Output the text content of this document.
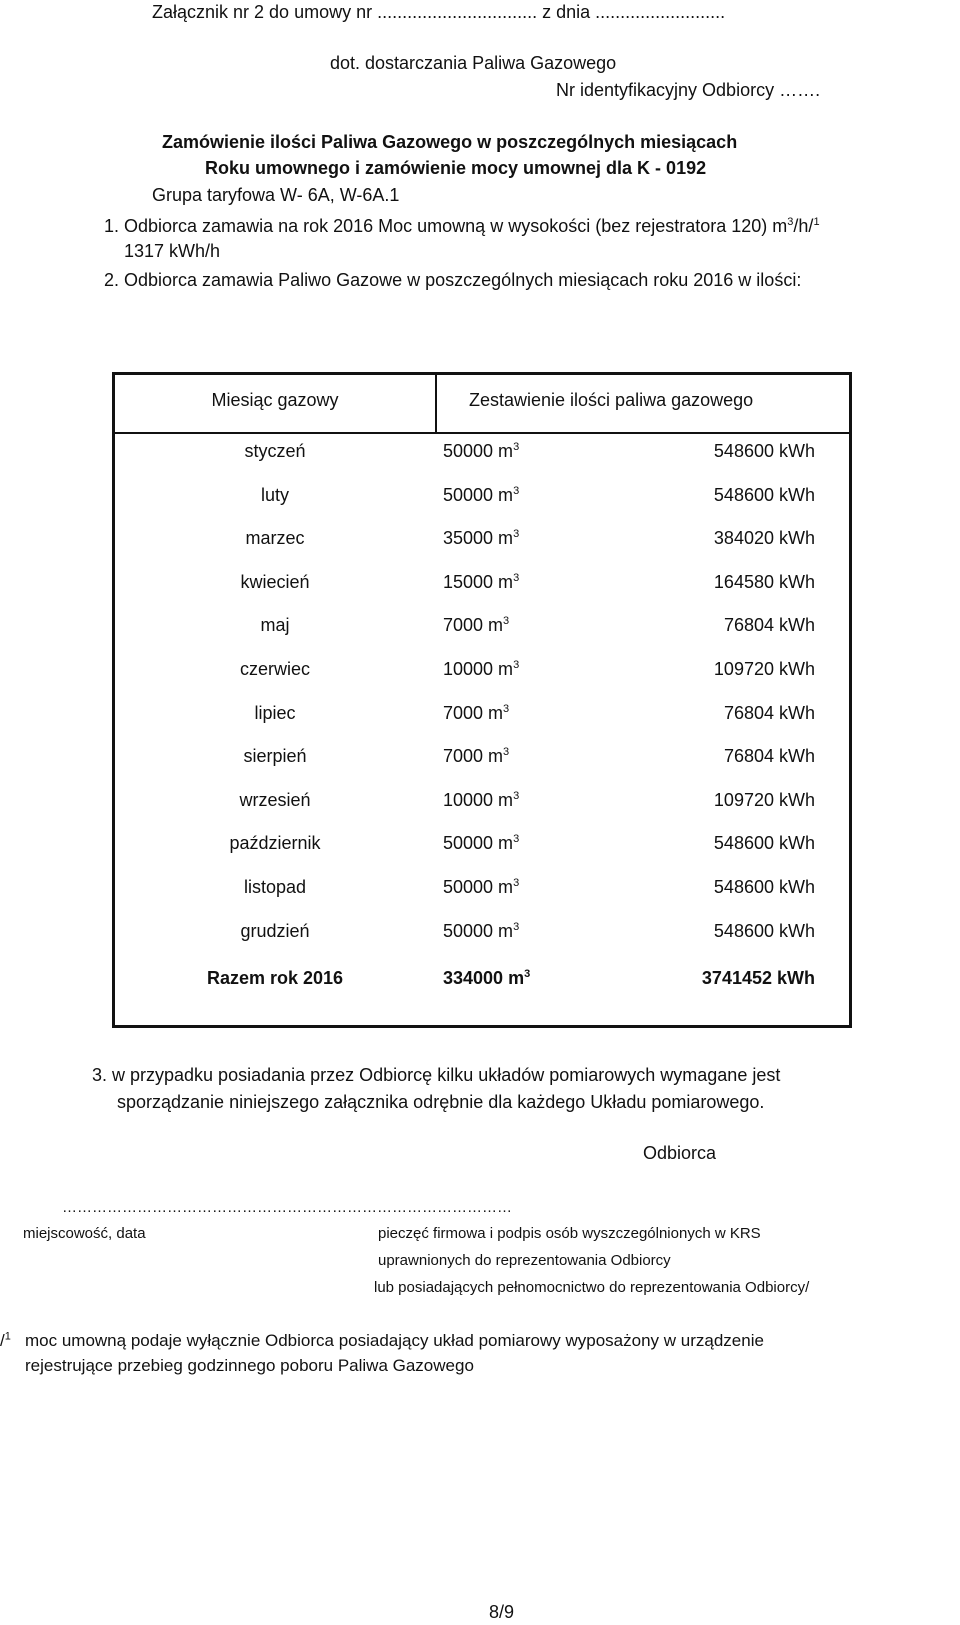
Załącznik nr 2 do umowy nr ................................ z dnia ..........................
dot. dostarczania Paliwa Gazowego
Nr identyfikacyjny Odbiorcy …….
Zamówienie ilości Paliwa Gazowego w poszczególnych miesiącach
Roku umownego i zamówienie mocy umownej dla K - 0192
Grupa taryfowa W- 6A, W-6A.1
1. Odbiorca zamawia na rok 2016 Moc umowną w wysokości (bez rejestratora 120) $m^3/h/^1$
1317 kWh/h
2. Odbiorca zamawia Paliwo Gazowe w poszczególnych miesiącach roku 2016 w ilości:
Miesiąc gazowy	Zestawienie ilości paliwa gazowego
styczeń	50000 $m^3$	548600 kWh
luty	50000 $m^3$	548600 kWh
marzec	35000 $m^3$	384020 kWh
kwiecień	15000 $m^3$	164580 kWh
maj	7000 $m^3$	76804 kWh
czerwiec	10000 $m^3$	109720 kWh
lipiec	7000 $m^3$	76804 kWh
sierpień	7000 $m^3$	76804 kWh
wrzesień	10000 $m^3$	109720 kWh
październik	50000 $m^3$	548600 kWh
listopad	50000 $m^3$	548600 kWh
grudzień	50000 $m^3$	548600 kWh
Razem rok 2016	334000 $m^3$	3741452 kWh
3. w przypadku posiadania przez Odbiorcę kilku układów pomiarowych wymagane jest
sporządzanie niniejszego załącznika odrębnie dla każdego Układu pomiarowego.
Odbiorca
………………………………………………………………………………
miejscowość, data	pieczęć firmowa i podpis osób wyszczególnionych w KRS
uprawnionych do reprezentowania Odbiorcy
lub posiadających pełnomocnictwo do reprezentowania Odbiorcy/
/$^1$ moc umowną podaje wyłącznie Odbiorca posiadający układ pomiarowy wyposażony w urządzenie
rejestrujące przebieg godzinnego poboru Paliwa Gazowego
8/9
